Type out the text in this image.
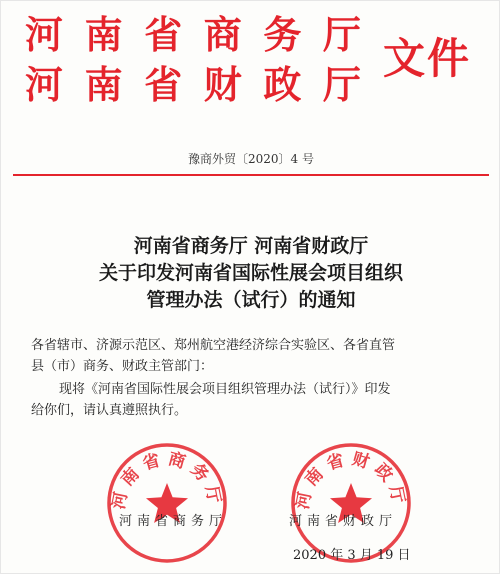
河 南 省 商 务 厅
河 南 省 财 政 厅
文件
豫商外贸〔2020〕4 号
河南省商务厅 河南省财政厅
关于印发河南省国际性展会项目组织
管理办法（试行）的通知
各省辖市、济源示范区、郑州航空港经济综合实验区、各省直管
县（市）商务、财政主管部门：
现将《河南省国际性展会项目组织管理办法（试行）》印发
给你们，请认真遵照执行。
河南省商务厅	河南省财政厅
河南省商务厅	河南省财政厅
2020 年 3 月 19 日
